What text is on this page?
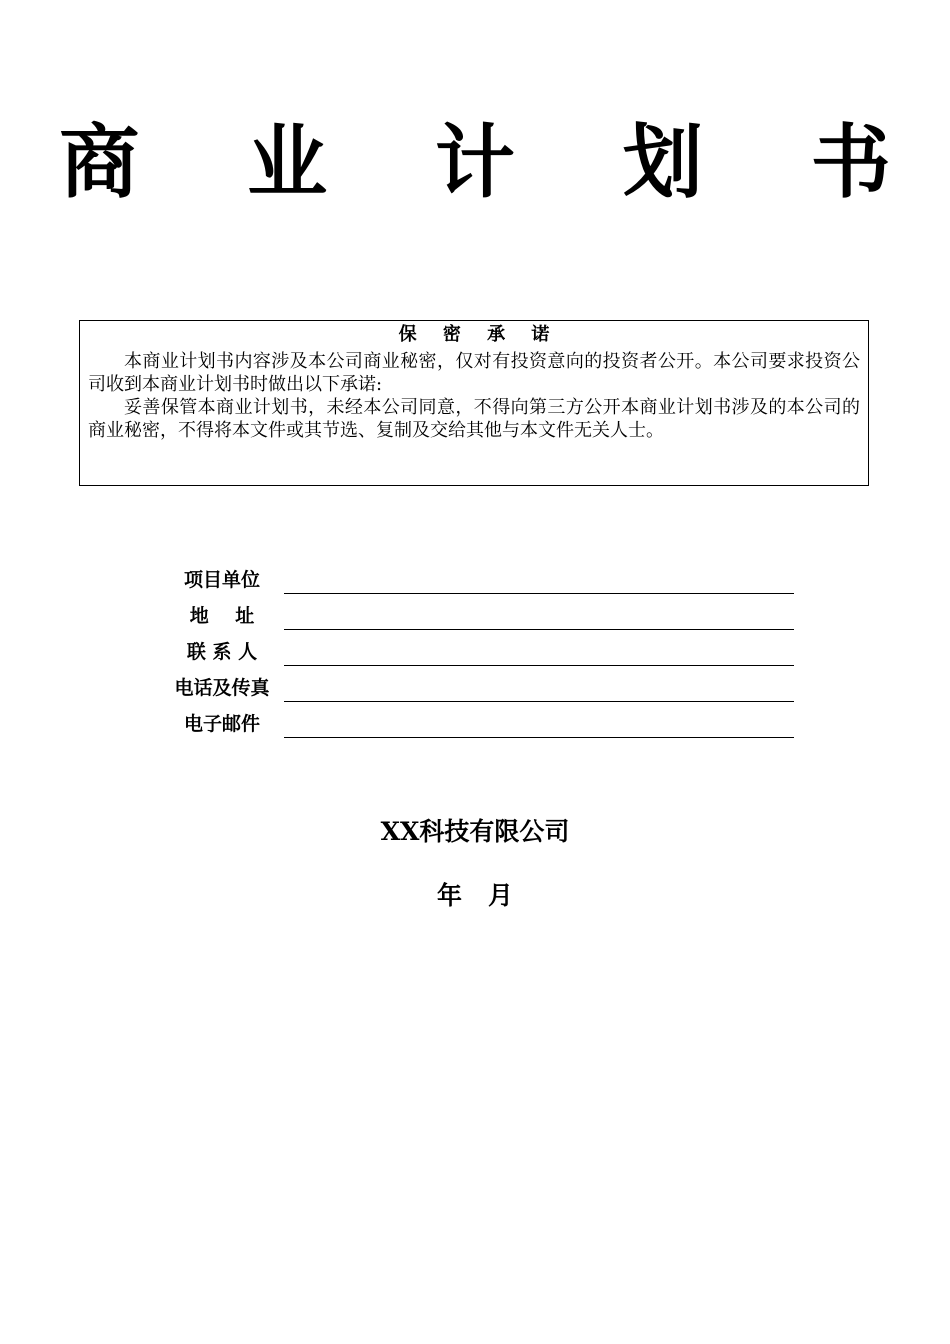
商 业 计 划 书
保 密 承 诺

本商业计划书内容涉及本公司商业秘密，仅对有投资意向的投资者公开。本公司要求投资公司收到本商业计划书时做出以下承诺:

妥善保管本商业计划书，未经本公司同意，不得向第三方公开本商业计划书涉及的本公司的商业秘密，不得将本文件或其节选、复制及交给其他与本文件无关人士。

项目单位
地    址
联 系 人
电话及传真
电子邮件
XX科技有限公司
年   月
